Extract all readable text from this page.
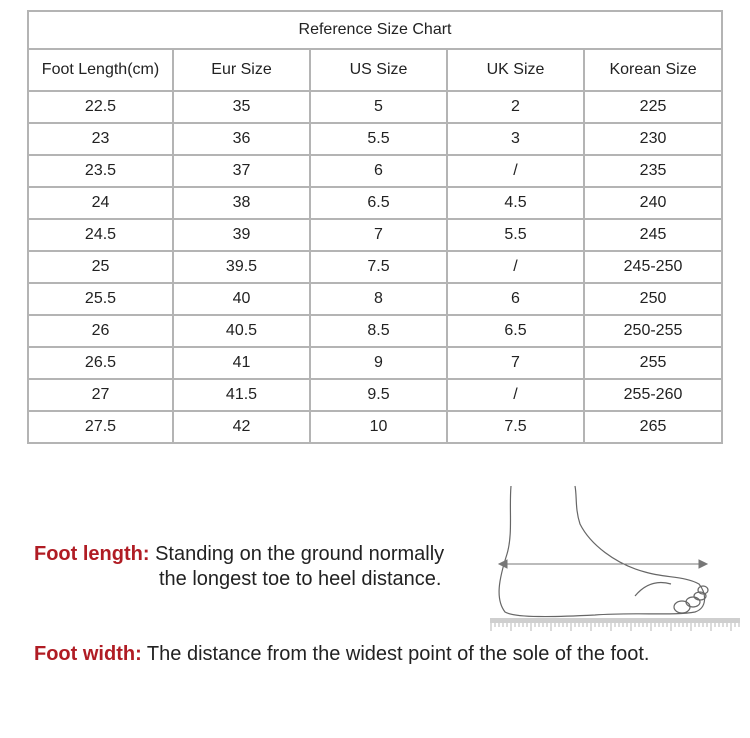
Reference Size Chart				
Foot Length(cm)	Eur Size	US Size	UK Size	Korean Size
22.5	35	5	2	225
23	36	5.5	3	230
23.5	37	6	/	235
24	38	6.5	4.5	240
24.5	39	7	5.5	245
25	39.5	7.5	/	245-250
25.5	40	8	6	250
26	40.5	8.5	6.5	250-255
26.5	41	9	7	255
27	41.5	9.5	/	255-260
27.5	42	10	7.5	265
Foot length: Standing on the ground normally
the longest toe to heel distance.
Foot width: The distance from the widest point of the sole of the foot.
